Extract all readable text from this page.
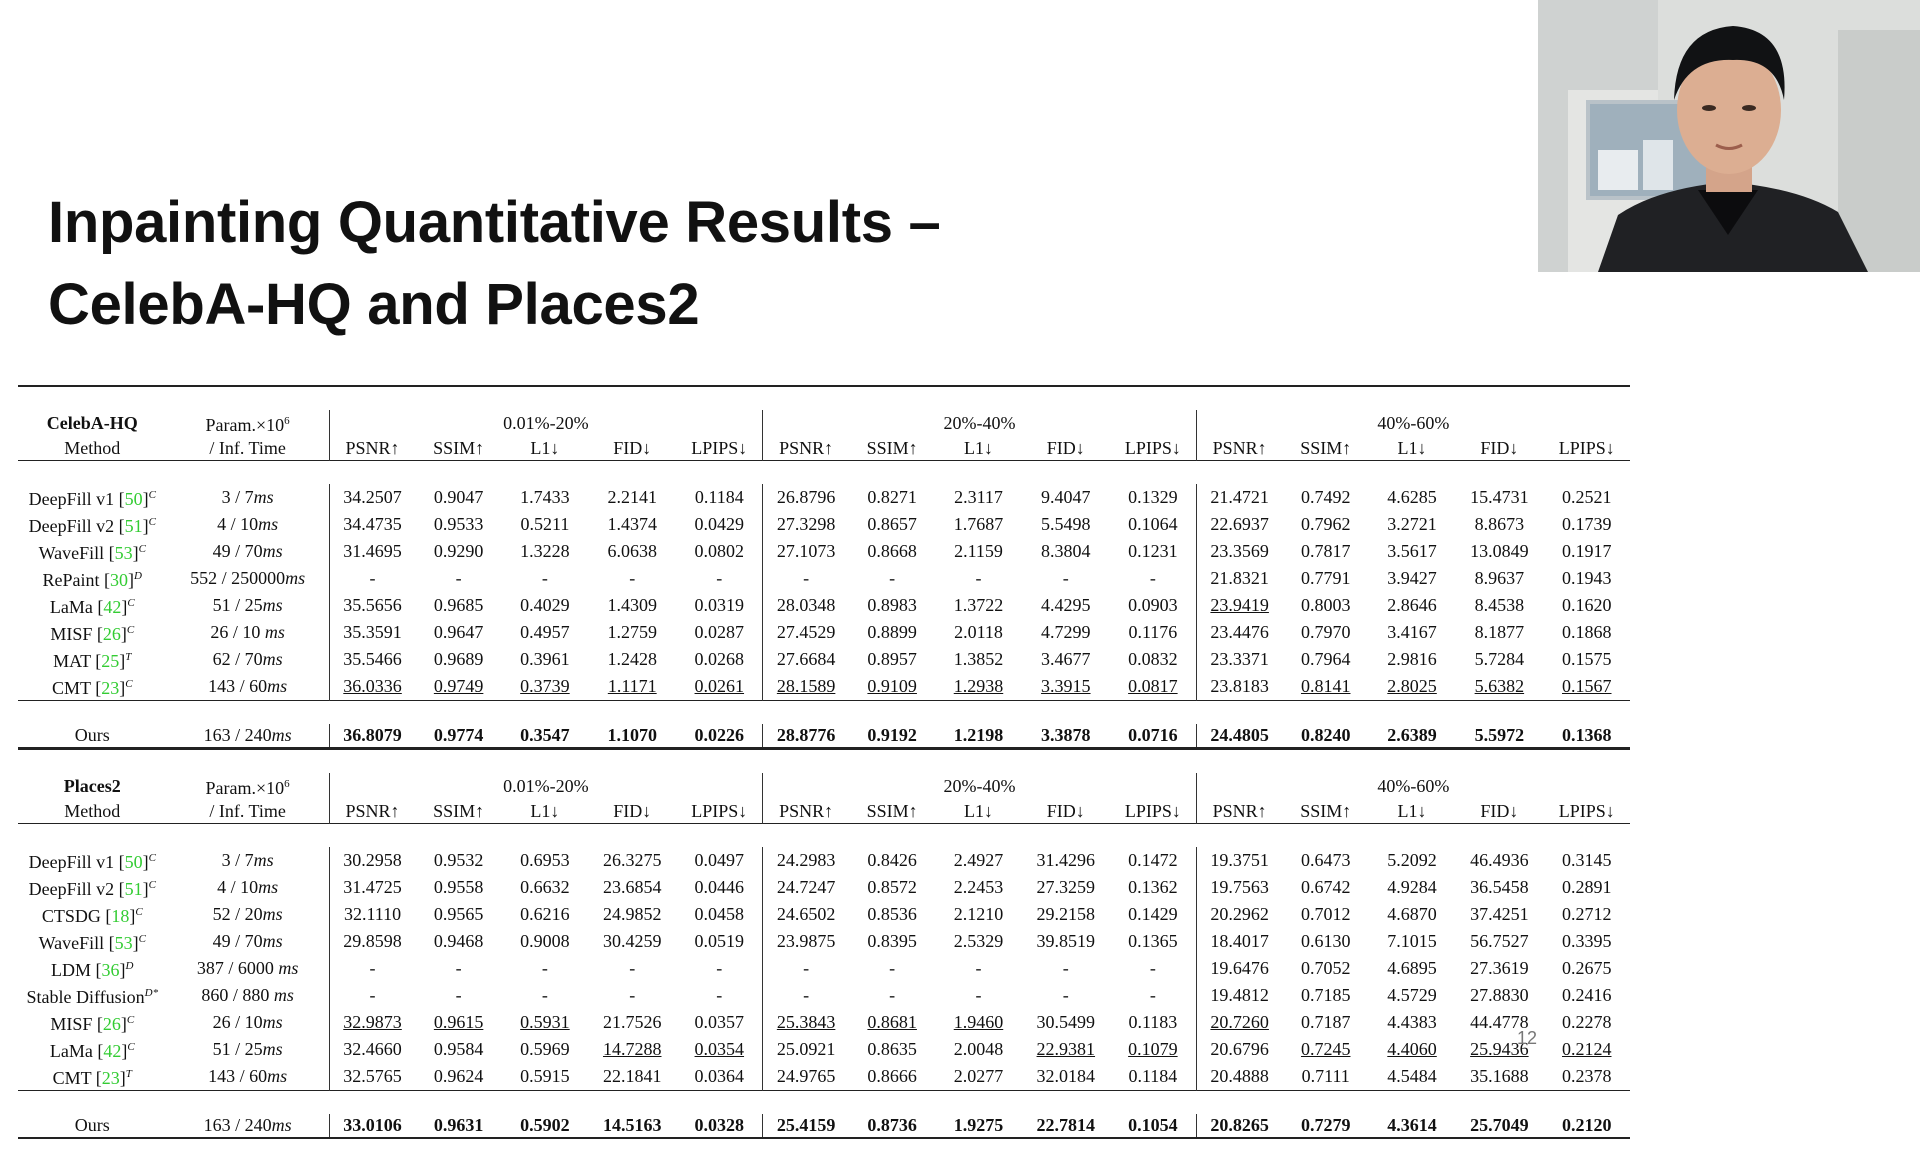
Inpainting Quantitative Results –
CelebA-HQ and Places2

CelebA-HQ	$Param.\times 10^6$	0.01%-20%					20%-40%					40%-60%				
Method	/ Inf. Time	PSNR↑	SSIM↑	L1↓	FID↓	LPIPS↓	PSNR↑	SSIM↑	L1↓	FID↓	LPIPS↓	PSNR↑	SSIM↑	L1↓	FID↓	LPIPS↓

DeepFill v1 $[50]^C$	3 / 7ms	34.2507	0.9047	1.7433	2.2141	0.1184	26.8796	0.8271	2.3117	9.4047	0.1329	21.4721	0.7492	4.6285	15.4731	0.2521
DeepFill v2 $[51]^C$	4 / 10ms	34.4735	0.9533	0.5211	1.4374	0.0429	27.3298	0.8657	1.7687	5.5498	0.1064	22.6937	0.7962	3.2721	8.8673	0.1739
WaveFill $[53]^C$	49 / 70ms	31.4695	0.9290	1.3228	6.0638	0.0802	27.1073	0.8668	2.1159	8.3804	0.1231	23.3569	0.7817	3.5617	13.0849	0.1917
RePaint $[30]^D$	552 / 250000ms	-	-	-	-	-	-	-	-	-	-	21.8321	0.7791	3.9427	8.9637	0.1943
LaMa $[42]^C$	51 / 25ms	35.5656	0.9685	0.4029	1.4309	0.0319	28.0348	0.8983	1.3722	4.4295	0.0903	23.9419	0.8003	2.8646	8.4538	0.1620
MISF $[26]^C$	26 / 10 ms	35.3591	0.9647	0.4957	1.2759	0.0287	27.4529	0.8899	2.0118	4.7299	0.1176	23.4476	0.7970	3.4167	8.1877	0.1868
MAT $[25]^T$	62 / 70ms	35.5466	0.9689	0.3961	1.2428	0.0268	27.6684	0.8957	1.3852	3.4677	0.0832	23.3371	0.7964	2.9816	5.7284	0.1575
CMT $[23]^C$	143 / 60ms	36.0336	0.9749	0.3739	1.1171	0.0261	28.1589	0.9109	1.2938	3.3915	0.0817	23.8183	0.8141	2.8025	5.6382	0.1567

Ours	163 / 240ms	36.8079	0.9774	0.3547	1.1070	0.0226	28.8776	0.9192	1.2198	3.3878	0.0716	24.4805	0.8240	2.6389	5.5972	0.1368

Places2	$Param.\times 10^6$	0.01%-20%					20%-40%					40%-60%				
Method	/ Inf. Time	PSNR↑	SSIM↑	L1↓	FID↓	LPIPS↓	PSNR↑	SSIM↑	L1↓	FID↓	LPIPS↓	PSNR↑	SSIM↑	L1↓	FID↓	LPIPS↓

DeepFill v1 $[50]^C$	3 / 7ms	30.2958	0.9532	0.6953	26.3275	0.0497	24.2983	0.8426	2.4927	31.4296	0.1472	19.3751	0.6473	5.2092	46.4936	0.3145
DeepFill v2 $[51]^C$	4 / 10ms	31.4725	0.9558	0.6632	23.6854	0.0446	24.7247	0.8572	2.2453	27.3259	0.1362	19.7563	0.6742	4.9284	36.5458	0.2891
CTSDG $[18]^C$	52 / 20ms	32.1110	0.9565	0.6216	24.9852	0.0458	24.6502	0.8536	2.1210	29.2158	0.1429	20.2962	0.7012	4.6870	37.4251	0.2712
WaveFill $[53]^C$	49 / 70ms	29.8598	0.9468	0.9008	30.4259	0.0519	23.9875	0.8395	2.5329	39.8519	0.1365	18.4017	0.6130	7.1015	56.7527	0.3395
LDM $[36]^D$	387 / 6000 ms	-	-	-	-	-	-	-	-	-	-	19.6476	0.7052	4.6895	27.3619	0.2675
Stable Diffusion$^{D*}$	860 / 880 ms	-	-	-	-	-	-	-	-	-	-	19.4812	0.7185	4.5729	27.8830	0.2416
MISF $[26]^C$	26 / 10ms	32.9873	0.9615	0.5931	21.7526	0.0357	25.3843	0.8681	1.9460	30.5499	0.1183	20.7260	0.7187	4.4383	44.4778	0.2278
LaMa $[42]^C$	51 / 25ms	32.4660	0.9584	0.5969	14.7288	0.0354	25.0921	0.8635	2.0048	22.9381	0.1079	20.6796	0.7245	4.4060	25.9436	0.2124
CMT $[23]^T$	143 / 60ms	32.5765	0.9624	0.5915	22.1841	0.0364	24.9765	0.8666	2.0277	32.0184	0.1184	20.4888	0.7111	4.5484	35.1688	0.2378

Ours	163 / 240ms	33.0106	0.9631	0.5902	14.5163	0.0328	25.4159	0.8736	1.9275	22.7814	0.1054	20.8265	0.7279	4.3614	25.7049	0.2120

12
